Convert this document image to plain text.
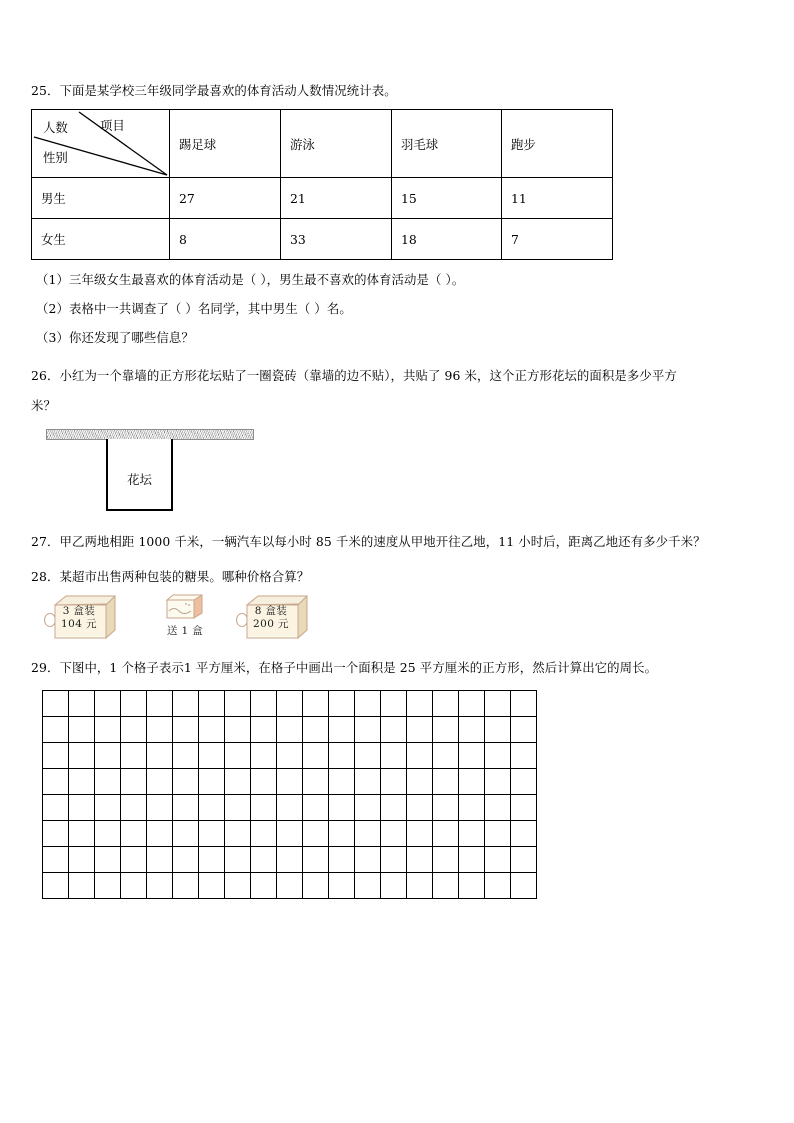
25．下面是某学校三年级同学最喜欢的体育活动人数情况统计表。
人数 项目
性别	踢足球	游泳	羽毛球	跑步
男生	27	21	15	11
女生	8	33	18	7
（1）三年级女生最喜欢的体育活动是（ ），男生最不喜欢的体育活动是（ ）。
（2）表格中一共调查了（ ）名同学，其中男生（ ）名。
（3）你还发现了哪些信息？
26．小红为一个靠墙的正方形花坛贴了一圈瓷砖（靠墙的边不贴），共贴了 96 米，这个正方形花坛的面积是多少平方
米？
花坛
27．甲乙两地相距 1000 千米，一辆汽车以每小时 85 千米的速度从甲地开往乙地，11 小时后，距离乙地还有多少千米？
28．某超市出售两种包装的糖果。哪种价格合算？
3 盒装
104 元
送 1 盒
8 盒装
200 元
29．下图中，1 个格子表示1 平方厘米，在格子中画出一个面积是 25 平方厘米的正方形，然后计算出它的周长。
